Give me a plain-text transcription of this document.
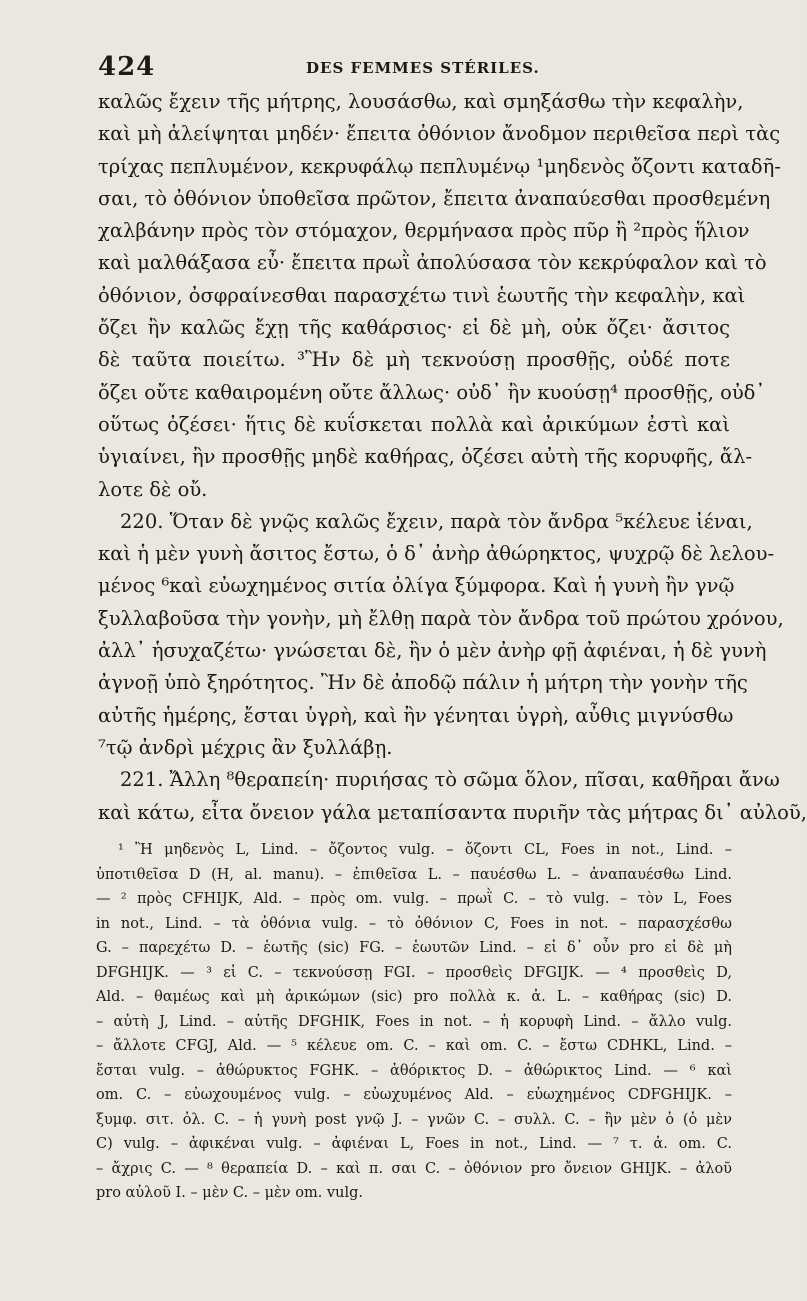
424	DES FEMMES STÉRILES.
καλῶς ἔχειν τῆς μήτρης, λουσάσθω, καὶ σμηξάσθω τὴν κεφαλὴν,
καὶ μὴ ἀλείψηται μηδέν· ἔπειτα ὀθόνιον ἄνοδμον περιθεῖσα περὶ τὰς
τρίχας πεπλυμένον, κεκρυφάλῳ πεπλυμένῳ ¹μηδενὸς ὄζοντι καταδῆ-
σαι, τὸ ὀθόνιον ὑποθεῖσα πρῶτον, ἔπειτα ἀναπαύεσθαι προσθεμένη
χαλβάνην πρὸς τὸν στόμαχον, θερμήνασα πρὸς πῦρ ἢ ²πρὸς ἥλιον
καὶ μαλθάξασα εὖ· ἔπειτα πρωῒ ἀπολύσασα τὸν κεκρύφαλον καὶ τὸ
ὀθόνιον, ὀσφραίνεσθαι παρασχέτω τινὶ ἑωυτῆς τὴν κεφαλὴν, καὶ
ὄζει ἢν καλῶς ἔχῃ τῆς καθάρσιος· εἰ δὲ μὴ, οὐκ ὄζει· ἄσιτος
δὲ ταῦτα ποιείτω. ³Ἢν δὲ μὴ τεκνούσῃ προσθῇς, οὐδέ ποτε
ὄζει οὔτε καθαιρομένη οὔτε ἄλλως· οὐδ᾽ ἢν κυούσῃ⁴ προσθῇς, οὐδ᾽
οὕτως ὀζέσει· ἥτις δὲ κυΐσκεται πολλὰ καὶ ἀρικύμων ἐστὶ καὶ
ὑγιαίνει, ἢν προσθῇς μηδὲ καθήρας, ὀζέσει αὐτὴ τῆς κορυφῆς, ἄλ-
λοτε δὲ οὔ.
220. Ὅταν δὲ γνῷς καλῶς ἔχειν, παρὰ τὸν ἄνδρα ⁵κέλευε ἰέναι,
καὶ ἡ μὲν γυνὴ ἄσιτος ἔστω, ὁ δ᾽ ἀνὴρ ἀθώρηκτος, ψυχρῷ δὲ λελου-
μένος ⁶καὶ εὐωχημένος σιτία ὀλίγα ξύμφορα. Καὶ ἡ γυνὴ ἢν γνῷ
ξυλλαβοῦσα τὴν γονὴν, μὴ ἔλθῃ παρὰ τὸν ἄνδρα τοῦ πρώτου χρόνου,
ἀλλ᾽ ἡσυχαζέτω· γνώσεται δὲ, ἢν ὁ μὲν ἀνὴρ φῇ ἀφιέναι, ἡ δὲ γυνὴ
ἀγνοῇ ὑπὸ ξηρότητος. Ἢν δὲ ἀποδῷ πάλιν ἡ μήτρη τὴν γονὴν τῆς
αὐτῆς ἡμέρης, ἔσται ὑγρὴ, καὶ ἢν γένηται ὑγρὴ, αὖθις μιγνύσθω
⁷τῷ ἀνδρὶ μέχρις ἂν ξυλλάβῃ.
221. Ἄλλη ⁸θεραπείη· πυριήσας τὸ σῶμα ὅλον, πῖσαι, καθῆραι ἄνω
καὶ κάτω, εἶτα ὄνειον γάλα μεταπίσαντα πυριῆν τὰς μήτρας δι᾽ αὐλοῦ,
¹ Ἢ μηδενὸς L, Lind. – ὄζοντος vulg. – ὄζοντι CL, Foes in not., Lind. –
ὑποτιθεῖσα D (H, al. manu). – ἐπιθεῖσα L. – παυέσθω L. – ἀναπαυέσθω Lind.
— ² πρὸς CFHIJK, Ald. – πρὸς om. vulg. – πρωῒ C. – τὸ vulg. – τὸν L, Foes
in not., Lind. – τὰ ὀθόνια vulg. – τὸ ὀθόνιον C, Foes in not. – παρασχέσθω
G. – παρεχέτω D. – ἑωτῆς (sic) FG. – ἑωυτῶν Lind. – εἰ δ᾽ οὖν pro εἰ δὲ μὴ
DFGHIJK. — ³ εἰ C. – τεκνούσσῃ FGI. – προσθεὶς DFGIJK. — ⁴ προσθεὶς D,
Ald. – θαμέως καὶ μὴ ἀρικώμων (sic) pro πολλὰ κ. ἀ. L. – καθήρας (sic) D.
– αὐτὴ J, Lind. – αὐτῆς DFGHIK, Foes in not. – ἡ κορυφὴ Lind. – ἄλλο vulg.
– ἄλλοτε CFGJ, Ald. — ⁵ κέλευε om. C. – καὶ om. C. – ἔστω CDHKL, Lind. –
ἔσται vulg. – ἀθώρυκτος FGHK. – ἀθόρικτος D. – ἀθώρικτος Lind. — ⁶ καὶ
om. C. – εὐωχουμένος vulg. – εὐωχυμένος Ald. – εὐωχημένος CDFGHIJK. –
ξυμφ. σιτ. ὀλ. C. – ἡ γυνὴ post γνῷ J. – γνῶν C. – συλλ. C. – ἢν μὲν ὁ (ὁ μὲν
C) vulg. – ἀφικέναι vulg. – ἀφιέναι L, Foes in not., Lind. — ⁷ τ. ἀ. om. C.
– ἄχρις C. — ⁸ θεραπεία D. – καὶ π. σαι C. – ὀθόνιον pro ὄνειον GHIJK. – ἀλοῦ
pro αὐλοῦ I. – μὲν C. – μὲν om. vulg.
